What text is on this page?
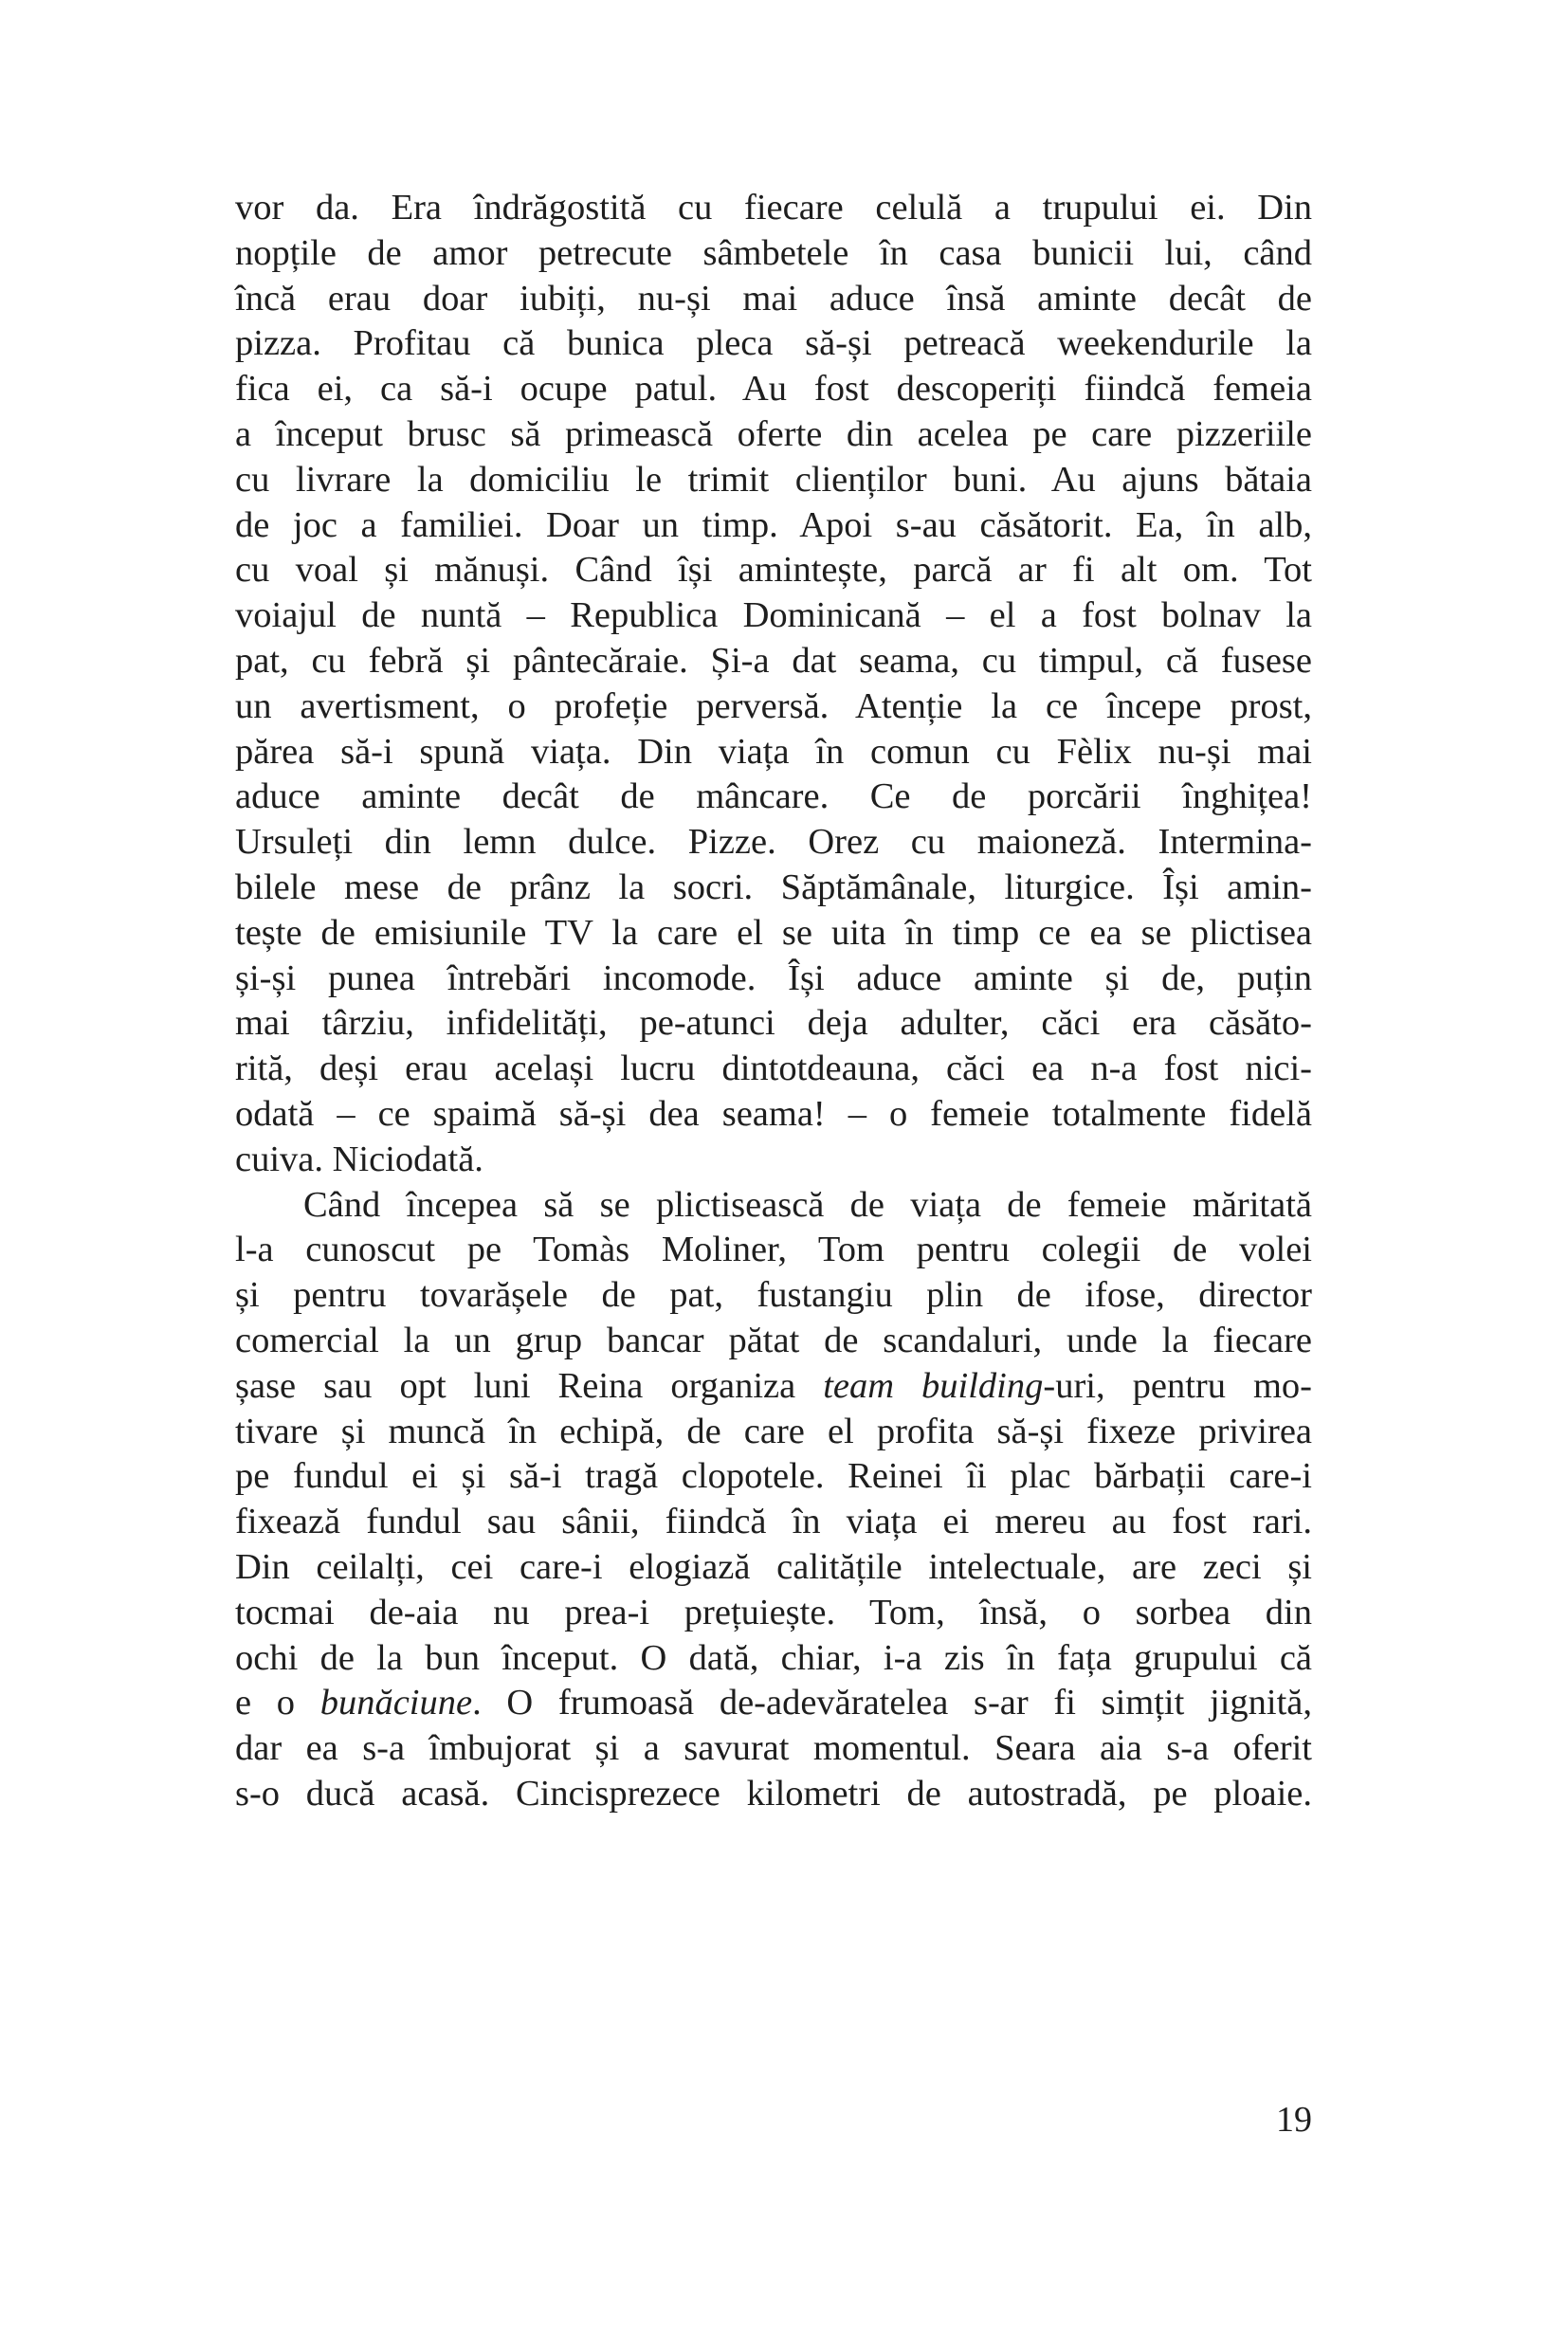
vor da. Era îndrăgostită cu fiecare celulă a trupului ei. Din
nopțile de amor petrecute sâmbetele în casa bunicii lui, când
încă erau doar iubiți, nu-și mai aduce însă aminte decât de
pizza. Profitau că bunica pleca să-și petreacă weekendurile la
fica ei, ca să-i ocupe patul. Au fost descoperiți fiindcă femeia
a început brusc să primească oferte din acelea pe care pizzeriile
cu livrare la domiciliu le trimit clienților buni. Au ajuns bătaia
de joc a familiei. Doar un timp. Apoi s-au căsătorit. Ea, în alb,
cu voal și mănuși. Când își amintește, parcă ar fi alt om. Tot
voiajul de nuntă – Republica Dominicană – el a fost bolnav la
pat, cu febră și pântecăraie. Și-a dat seama, cu timpul, că fusese
un avertisment, o profeție perversă. Atenție la ce începe prost,
părea să-i spună viața. Din viața în comun cu Fèlix nu-și mai
aduce aminte decât de mâncare. Ce de porcării înghițea!
Ursuleți din lemn dulce. Pizze. Orez cu maioneză. Intermina-
bilele mese de prânz la socri. Săptămânale, liturgice. Își amin-
tește de emisiunile TV la care el se uita în timp ce ea se plictisea
și-și punea întrebări incomode. Își aduce aminte și de, puțin
mai târziu, infidelități, pe-atunci deja adulter, căci era căsăto-
rită, deși erau același lucru dintotdeauna, căci ea n-a fost nici-
odată – ce spaimă să-și dea seama! – o femeie totalmente fidelă
cuiva. Niciodată.
Când începea să se plictisească de viața de femeie măritată
l-a cunoscut pe Tomàs Moliner, Tom pentru colegii de volei
și pentru tovarășele de pat, fustangiu plin de ifose, director
comercial la un grup bancar pătat de scandaluri, unde la fiecare
șase sau opt luni Reina organiza team building-uri, pentru mo-
tivare și muncă în echipă, de care el profita să-și fixeze privirea
pe fundul ei și să-i tragă clopotele. Reinei îi plac bărbații care-i
fixează fundul sau sânii, fiindcă în viața ei mereu au fost rari.
Din ceilalți, cei care-i elogiază calitățile intelectuale, are zeci și
tocmai de-aia nu prea-i prețuiește. Tom, însă, o sorbea din
ochi de la bun început. O dată, chiar, i-a zis în fața grupului că
e o bunăciune. O frumoasă de-adevăratelea s-ar fi simțit jignită,
dar ea s-a îmbujorat și a savurat momentul. Seara aia s-a oferit
s-o ducă acasă. Cincisprezece kilometri de autostradă, pe ploaie.
19
